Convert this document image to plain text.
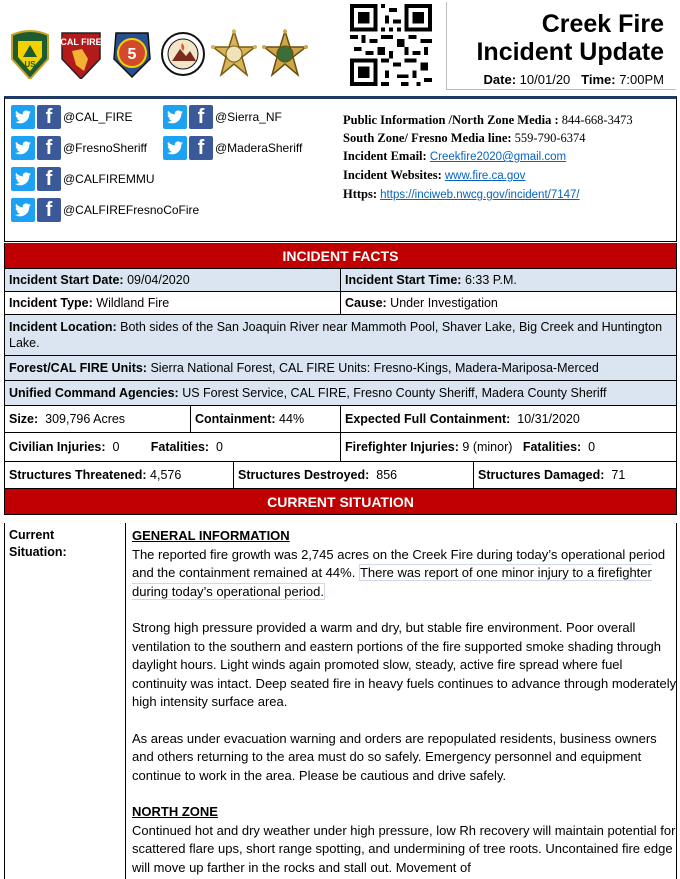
US
CAL FIRE
5
Creek Fire
Incident Update
Date: 10/01/20 Time: 7:00PM
f @CAL_FIRE	f @Sierra_NF
f @FresnoSheriff	f @MaderaSheriff
f @CALFIREMMU
f @CALFIREFresnoCoFire
Public Information /North Zone Media : 844-668-3473
South Zone/ Fresno Media line: 559-790-6374
Incident Email: Creekfire2020@gmail.com
Incident Websites: www.fire.ca.gov
Https: https://inciweb.nwcg.gov/incident/7147/
INCIDENT FACTS
Incident Start Date: 09/04/2020	Incident Start Time: 6:33 P.M.
Incident Type: Wildland Fire	Cause: Under Investigation
Incident Location: Both sides of the San Joaquin River near Mammoth Pool, Shaver Lake, Big Creek and Huntington Lake.
Forest/CAL FIRE Units: Sierra National Forest, CAL FIRE Units: Fresno-Kings, Madera-Mariposa-Merced
Unified Command Agencies: US Forest Service, CAL FIRE, Fresno County Sheriff, Madera County Sheriff
Size: 309,796 Acres	Containment: 44%	Expected Full Containment: 10/31/2020
Civilian Injuries: 0	Fatalities: 0	Firefighter Injuries: 9 (minor) Fatalities: 0
Structures Threatened: 4,576	Structures Destroyed: 856	Structures Damaged: 71
CURRENT SITUATION
Current
Situation:
GENERAL INFORMATION

The reported fire growth was 2,745 acres on the Creek Fire during today’s operational period and the containment remained at 44%. There was report of one minor injury to a firefighter during today’s operational period.

Strong high pressure provided a warm and dry, but stable fire environment. Poor overall ventilation to the southern and eastern portions of the fire supported smoke shading through daylight hours. Light winds again promoted slow, steady, active fire spread where fuel continuity was intact. Deep seated fire in heavy fuels continues to advance through moderately high intensity surface area.

As areas under evacuation warning and orders are repopulated residents, business owners and others returning to the area must do so safely. Emergency personnel and equipment continue to work in the area. Please be cautious and drive safely.

NORTH ZONE

Continued hot and dry weather under high pressure, low Rh recovery will maintain potential for scattered flare ups, short range spotting, and undermining of tree roots. Uncontained fire edge will move up farther in the rocks and stall out. Movement of
